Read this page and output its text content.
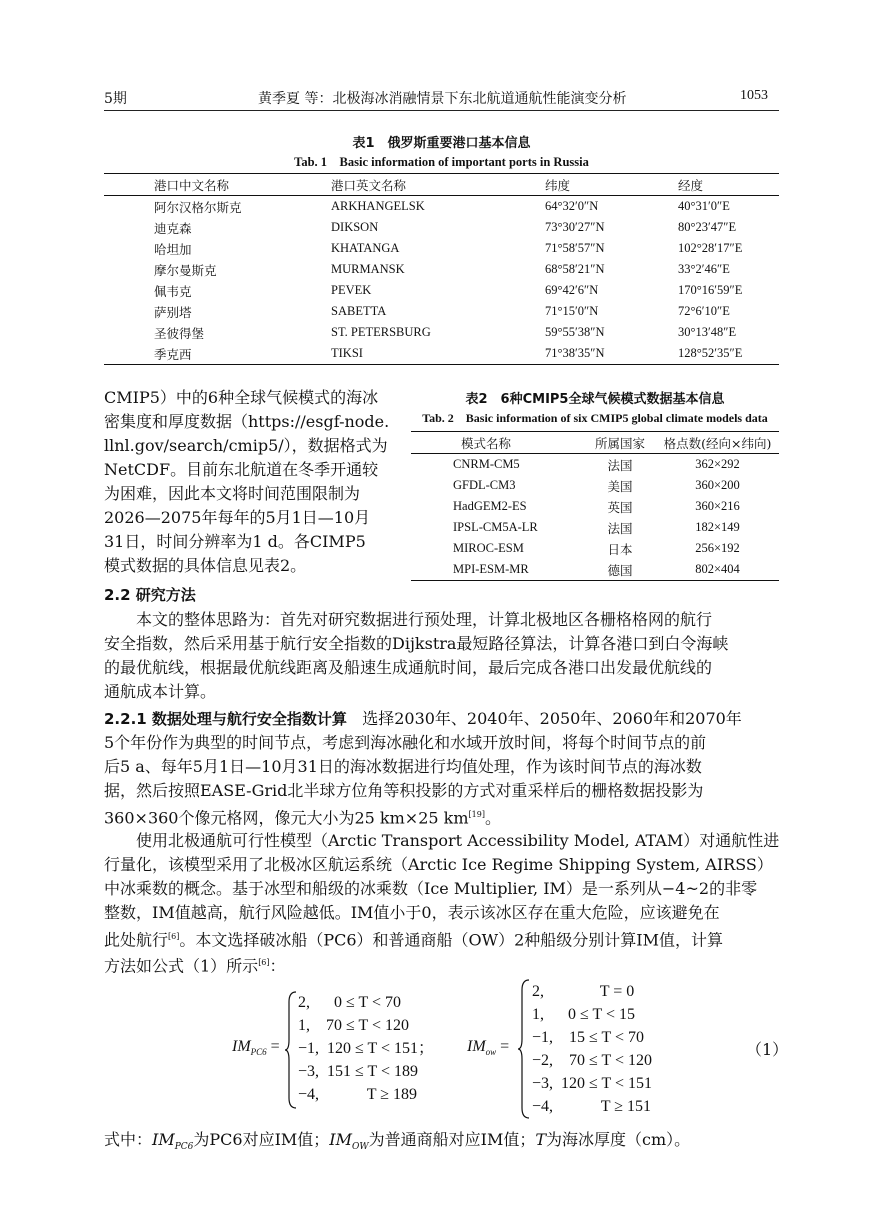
5期	黄季夏 等：北极海冰消融情景下东北航道通航性能演变分析	1053
表1　俄罗斯重要港口基本信息
Tab. 1　Basic information of important ports in Russia
港口中文名称	港口英文名称	纬度	经度
阿尔汉格尔斯克	ARKHANGELSK	64°32′0″N	40°31′0″E
迪克森	DIKSON	73°30′27″N	80°23′47″E
哈坦加	KHATANGA	71°58′57″N	102°28′17″E
摩尔曼斯克	MURMANSK	68°58′21″N	33°2′46″E
佩韦克	PEVEK	69°42′6″N	170°16′59″E
萨别塔	SABETTA	71°15′0″N	72°6′10″E
圣彼得堡	ST. PETERSBURG	59°55′38″N	30°13′48″E
季克西	TIKSI	71°38′35″N	128°52′35″E
CMIP5）中的6种全球气候模式的海冰
密集度和厚度数据（https://esgf-node.
llnl.gov/search/cmip5/），数据格式为
NetCDF。目前东北航道在冬季开通较
为困难，因此本文将时间范围限制为
2026—2075年每年的5月1日—10月
31日，时间分辨率为1 d。各CIMP5
模式数据的具体信息见表2。
表2　6种CMIP5全球气候模式数据基本信息
Tab. 2　Basic information of six CMIP5 global climate models data
模式名称	所属国家	格点数(经向×纬向)
CNRM-CM5	法国	362×292
GFDL-CM3	美国	360×200
HadGEM2-ES	英国	360×216
IPSL-CM5A-LR	法国	182×149
MIROC-ESM	日本	256×192
MPI-ESM-MR	德国	802×404
2.2 研究方法
本文的整体思路为：首先对研究数据进行预处理，计算北极地区各栅格格网的航行
安全指数，然后采用基于航行安全指数的Dijkstra最短路径算法，计算各港口到白令海峡
的最优航线，根据最优航线距离及船速生成通航时间，最后完成各港口出发最优航线的
通航成本计算。
2.2.1 数据处理与航行安全指数计算 选择2030年、2040年、2050年、2060年和2070年
5个年份作为典型的时间节点，考虑到海冰融化和水域开放时间，将每个时间节点的前
后5 a、每年5月1日—10月31日的海冰数据进行均值处理，作为该时间节点的海冰数
据，然后按照EASE-Grid北半球方位角等积投影的方式对重采样后的栅格数据投影为
360×360个像元格网，像元大小为25 km×25 km[19]。
使用北极通航可行性模型（Arctic Transport Accessibility Model, ATAM）对通航性进
行量化，该模型采用了北极冰区航运系统（Arctic Ice Regime Shipping System, AIRSS）
中冰乘数的概念。基于冰型和船级的冰乘数（Ice Multiplier, IM）是一系列从−4~2的非零
整数，IM值越高，航行风险越低。IM值小于0，表示该冰区存在重大危险，应该避免在
此处航行[6]。本文选择破冰船（PC6）和普通商船（OW）2种船级分别计算IM值，计算
方法如公式（1）所示[6]：
$IM_{PC6}$ =
2,      0 ≤ T < 70
1,    70 ≤ T < 120
−1,  120 ≤ T < 151；
−3,  151 ≤ T < 189
−4,            T ≥ 189
$IM_{ow}$ =
2,              T = 0
1,      0 ≤ T < 15
−1,    15 ≤ T < 70
−2,    70 ≤ T < 120
−3,  120 ≤ T < 151
−4,            T ≥ 151
（1）
式中：$IM_{PC6}$为PC6对应IM值；$IM_{OW}$为普通商船对应IM值；T为海冰厚度（cm）。
